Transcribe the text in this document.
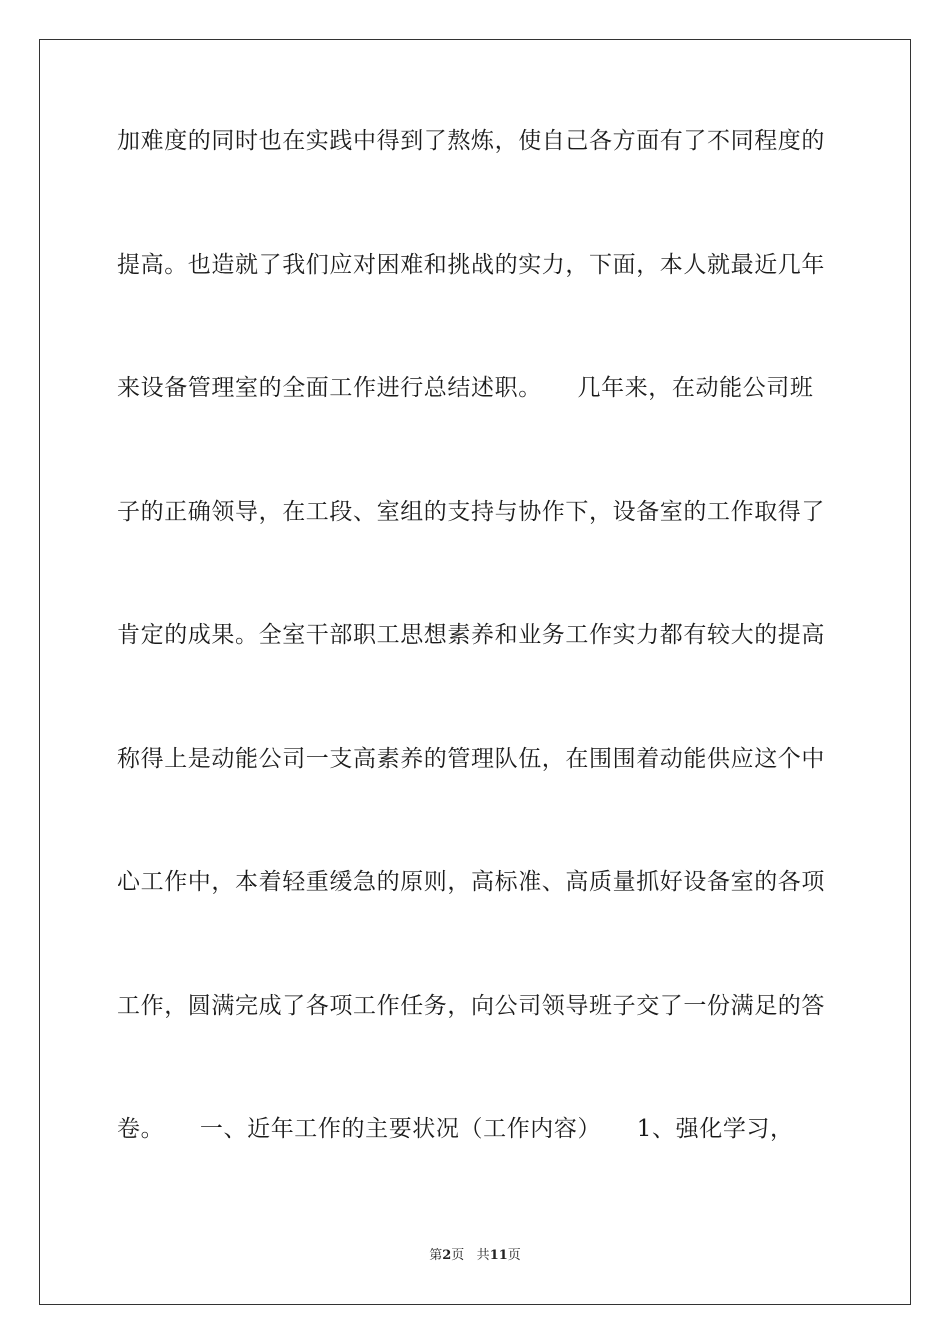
加难度的同时也在实践中得到了熬炼，使自己各方面有了不同程度的
提高。也造就了我们应对困难和挑战的实力，下面，本人就最近几年
来设备管理室的全面工作进行总结述职。　　几年来，在动能公司班
子的正确领导，在工段、室组的支持与协作下，设备室的工作取得了
肯定的成果。全室干部职工思想素养和业务工作实力都有较大的提高
称得上是动能公司一支高素养的管理队伍，在围围着动能供应这个中
心工作中，本着轻重缓急的原则，高标准、高质量抓好设备室的各项
工作，圆满完成了各项工作任务，向公司领导班子交了一份满足的答
卷。　　一、近年工作的主要状况（工作内容）　　1、强化学习，
第2页 共11页
